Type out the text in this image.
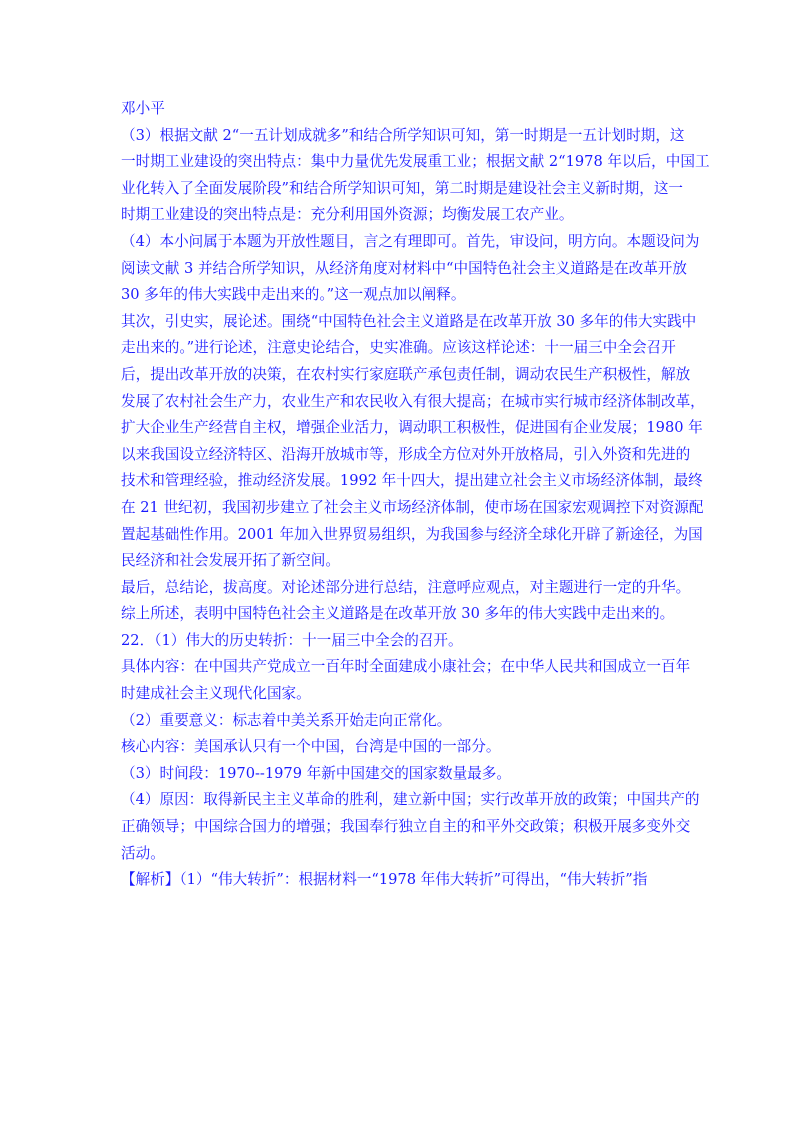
邓小平

（3）根据文献 2“一五计划成就多”和结合所学知识可知，第一时期是一五计划时期，这

一时期工业建设的突出特点：集中力量优先发展重工业；根据文献 2“1978 年以后，中国工

业化转入了全面发展阶段”和结合所学知识可知，第二时期是建设社会主义新时期，这一

时期工业建设的突出特点是：充分利用国外资源；均衡发展工农产业。

（4）本小问属于本题为开放性题目，言之有理即可。首先，审设问，明方向。本题设问为

阅读文献 3 并结合所学知识，从经济角度对材料中“中国特色社会主义道路是在改革开放

30 多年的伟大实践中走出来的。”这一观点加以阐释。

其次，引史实，展论述。围绕“中国特色社会主义道路是在改革开放 30 多年的伟大实践中

走出来的。”进行论述，注意史论结合，史实准确。应该这样论述：十一届三中全会召开

后，提出改革开放的决策，在农村实行家庭联产承包责任制，调动农民生产积极性，解放

发展了农村社会生产力，农业生产和农民收入有很大提高；在城市实行城市经济体制改革，

扩大企业生产经营自主权，增强企业活力，调动职工积极性，促进国有企业发展；1980 年

以来我国设立经济特区、沿海开放城市等，形成全方位对外开放格局，引入外资和先进的

技术和管理经验，推动经济发展。1992 年十四大，提出建立社会主义市场经济体制，最终

在 21 世纪初，我国初步建立了社会主义市场经济体制，使市场在国家宏观调控下对资源配

置起基础性作用。2001 年加入世界贸易组织，为我国参与经济全球化开辟了新途径，为国

民经济和社会发展开拓了新空间。

最后，总结论，拔高度。对论述部分进行总结，注意呼应观点，对主题进行一定的升华。

综上所述，表明中国特色社会主义道路是在改革开放 30 多年的伟大实践中走出来的。

22．（1）伟大的历史转折：十一届三中全会的召开。

具体内容：在中国共产党成立一百年时全面建成小康社会；在中华人民共和国成立一百年

时建成社会主义现代化国家。

（2）重要意义：标志着中美关系开始走向正常化。

核心内容：美国承认只有一个中国，台湾是中国的一部分。

（3）时间段：1970--1979 年新中国建交的国家数量最多。

（4）原因：取得新民主主义革命的胜利，建立新中国；实行改革开放的政策；中国共产的

正确领导；中国综合国力的增强；我国奉行独立自主的和平外交政策；积极开展多变外交

活动。

【解析】（1）“伟大转折”：根据材料一“1978 年伟大转折”可得出，“伟大转折”指
